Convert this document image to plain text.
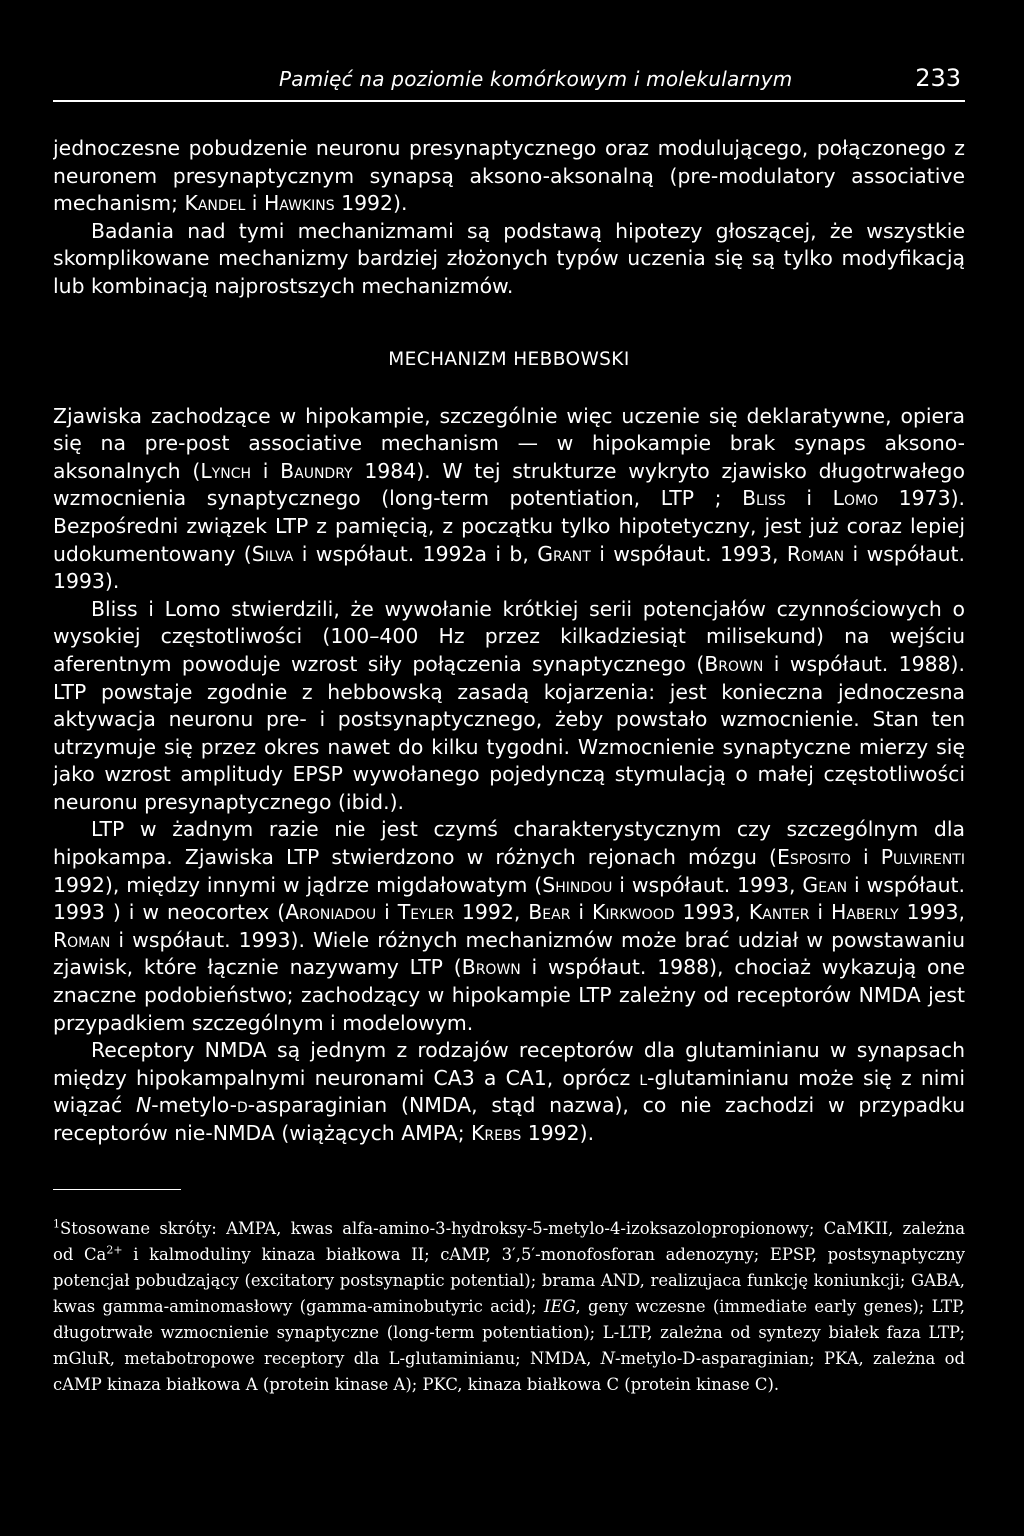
Pamięć na poziomie komórkowym i molekularnym	233

jednoczesne pobudzenie neuronu presynaptycznego oraz modulującego, połączonego z neuronem presynaptycznym synapsą aksono-aksonalną (pre-modulatory associative mechanism; Kandel i Hawkins 1992).

Badania nad tymi mechanizmami są podstawą hipotezy głoszącej, że wszystkie skomplikowane mechanizmy bardziej złożonych typów uczenia się są tylko modyfikacją lub kombinacją najprostszych mechanizmów.

MECHANIZM HEBBOWSKI

Zjawiska zachodzące w hipokampie, szczególnie więc uczenie się deklaratywne, opiera się na pre-post associative mechanism — w hipokampie brak synaps aksono-aksonalnych (Lynch i Baundry 1984). W tej strukturze wykryto zjawisko długotrwałego wzmocnienia synaptycznego (long-term potentiation, LTP ; Bliss i Lomo 1973). Bezpośredni związek LTP z pamięcią, z początku tylko hipotetyczny, jest już coraz lepiej udokumentowany (Silva i współaut. 1992a i b, Grant i współaut. 1993, Roman i współaut. 1993).

Bliss i Lomo stwierdzili, że wywołanie krótkiej serii potencjałów czynnościowych o wysokiej częstotliwości (100–400 Hz przez kilkadziesiąt milisekund) na wejściu aferentnym powoduje wzrost siły połączenia synaptycznego (Brown i współaut. 1988). LTP powstaje zgodnie z hebbowską zasadą kojarzenia: jest konieczna jednoczesna aktywacja neuronu pre- i postsynaptycznego, żeby powstało wzmocnienie. Stan ten utrzymuje się przez okres nawet do kilku tygodni. Wzmocnienie synaptyczne mierzy się jako wzrost amplitudy EPSP wywołanego pojedynczą stymulacją o małej częstotliwości neuronu presynaptycznego (ibid.).

LTP w żadnym razie nie jest czymś charakterystycznym czy szczególnym dla hipokampa. Zjawiska LTP stwierdzono w różnych rejonach mózgu (Esposito i Pulvirenti 1992), między innymi w jądrze migdałowatym (Shindou i współaut. 1993, Gean i współaut. 1993 ) i w neocortex (Aroniadou i Teyler 1992, Bear i Kirkwood 1993, Kanter i Haberly 1993, Roman i współaut. 1993). Wiele różnych mechanizmów może brać udział w powstawaniu zjawisk, które łącznie nazywamy LTP (Brown i współaut. 1988), chociaż wykazują one znaczne podobieństwo; zachodzący w hipokampie LTP zależny od receptorów NMDA jest przypadkiem szczególnym i modelowym.

Receptory NMDA są jednym z rodzajów receptorów dla glutaminianu w synapsach między hipokampalnymi neuronami CA3 a CA1, oprócz l-glutaminianu może się z nimi wiązać N-metylo-d-asparaginian (NMDA, stąd nazwa), co nie zachodzi w przypadku receptorów nie-NMDA (wiążących AMPA; Krebs 1992).

$^1$Stosowane skróty: AMPA, kwas alfa-amino-3-hydroksy-5-metylo-4-izoksazolopropionowy; CaMKII, zależna od $Ca^{2+}$ i kalmoduliny kinaza białkowa II; cAMP, 3′,5′-monofosforan adenozyny; EPSP, postsynaptyczny potencjał pobudzający (excitatory postsynaptic potential); brama AND, realizujaca funkcję koniunkcji; GABA, kwas gamma-aminomasłowy (gamma-aminobutyric acid); IEG, geny wczesne (immediate early genes); LTP, długotrwałe wzmocnienie synaptyczne (long-term potentiation); L-LTP, zależna od syntezy białek faza LTP; mGluR, metabotropowe receptory dla L-glutaminianu; NMDA, N-metylo-D-asparaginian; PKA, zależna od cAMP kinaza białkowa A (protein kinase A); PKC, kinaza białkowa C (protein kinase C).
